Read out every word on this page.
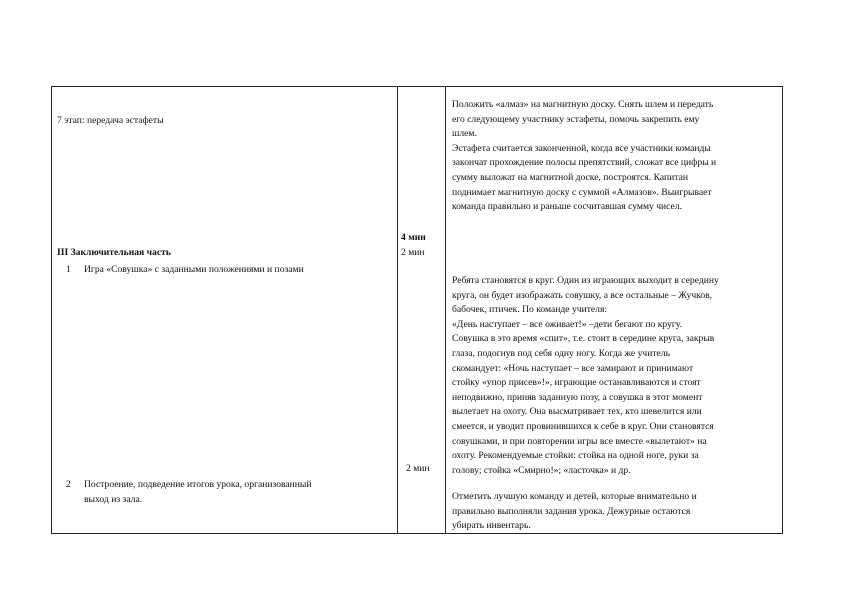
7 этап: передача эстафеты
III Заключительная часть
1 Игра «Совушка» с заданными положениями и позами
2 Построение, подведение итогов урока, организованный
выход из зала.
4 мин
2 мин
2 мин
Положить «алмаз» на магнитную доску. Снять шлем и передать
его следующему участнику эстафеты, помочь закрепить ему
шлем.
Эстафета считается законченной, когда все участники команды
закончат прохождение полосы препятствий, сложат все цифры и
сумму выложат на магнитной доске, построятся. Капитан
поднимает магнитную доску с суммой «Алмазов». Выигрывает
команда правильно и раньше сосчитавшая сумму чисел.
Ребята становятся в круг. Один из играющих выходит в середину
круга, он будет изображать совушку, а все остальные – Жучков,
бабочек, птичек. По команде учителя:
«День наступает – все оживает!» –дети бегают по кругу.
Совушка в это время «спит», т.е. стоит в середине круга, закрыв
глаза, подогнув под себя одну ногу. Когда же учитель
скомандует: «Ночь наступает – все замирают и принимают
стойку «упор присев»!», играющие останавливаются и стоят
неподвижно, приняв заданную позу, а совушка в этот момент
вылетает на охоту. Она высматривает тех, кто шевелится или
смеется, и уводит провинившихся к себе в круг. Они становятся
совушками, и при повторении игры все вместе «вылетают» на
охоту. Рекомендуемые стойки: стойка на одной ноге, руки за
голову; стойка «Смирно!»; «ласточка» и др.
Отметить лучшую команду и детей, которые внимательно и
правильно выполняли задания урока. Дежурные остаются
убирать инвентарь.
